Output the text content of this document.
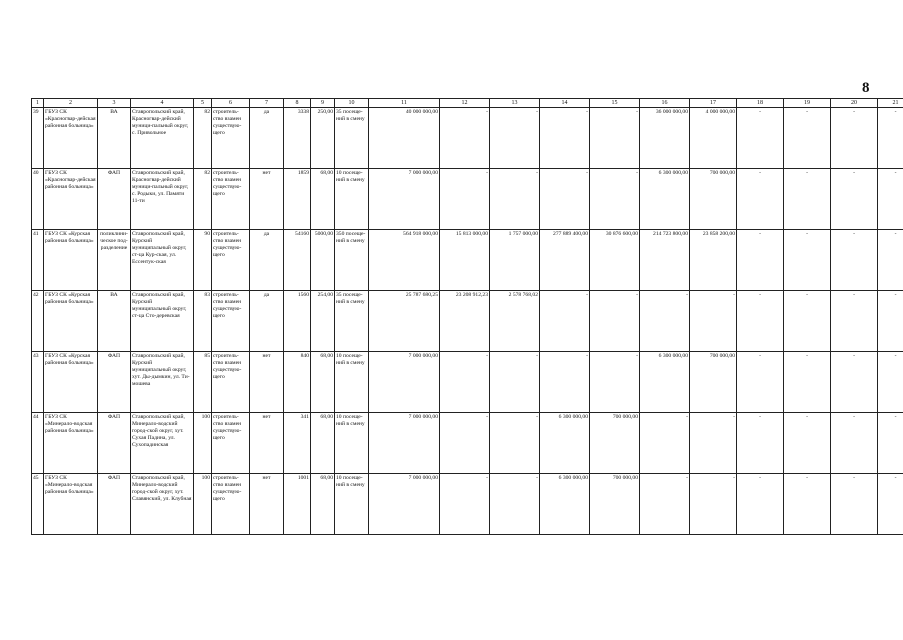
8
1	2	3	4	5	6	7	8	9	10	11	12	13	14	15	16	17	18	19	20	21
39	ГБУЗ СК «Красногвар-дейская районная больница»	ВА	Ставропольский край, Красногвар-дейский муници-пальный округ, с. Привольное	82	строитель-ство взамен существую-щего	да	3338	250,00	35 посеще-ний в смену	40 000 000,00	-	-	-	-	36 000 000,00	4 000 000,00	-	-	-	-
40	ГБУЗ СК «Красногвар-дейская районная больница»	ФАП	Ставропольский край, Красногвар-дейский муници-пальный округ, с. Родыки, ул. Памяти 11-ти	82	строитель-ство взамен существую-щего	нет	1859	68,00	10 посеще-ний в смену	7 000 000,00	-	-	-	-	6 300 000,00	700 000,00	-	-	-	-
41	ГБУЗ СК «Курская районная больница»	поликлини-ческое под-разделение	Ставропольский край, Курский муниципальный округ, ст-ца Кур-ская, ул. Ессентук-ская	90	строитель-ство взамен существую-щего	да	54160	5000,00	350 посеще-ний в смену	564 918 000,00	15 813 000,00	1 757 000,00	277 889 400,00	30 876 600,00	214 723 800,00	23 858 200,00	-	-	-	-
42	ГБУЗ СК «Курская районная больница»	ВА	Ставропольский край, Курский муниципальный округ, ст-ца Сто-деревская	83	строитель-ство взамен существую-щего	да	1560	254,00	35 посеще-ний в смену	25 787 680,25	23 208 912,23	2 578 768,02	-	-	-	-	-	-	-	-
43	ГБУЗ СК «Курская районная больница»	ФАП	Ставропольский край, Курский муниципальный округ, хут. Ды-дымкин, ул. Ти-мошева	85	строитель-ство взамен существую-щего	нет	840	68,00	10 посеще-ний в смену	7 000 000,00	-	-	-	-	6 300 000,00	700 000,00	-	-	-	-
44	ГБУЗ СК «Минерало-водская районная больница»	ФАП	Ставропольский край, Минерало-водский город-ской округ, хут. Сухая Падина, ул. Сухопадинская	100	строитель-ство взамен существую-щего	нет	341	68,00	10 посеще-ний в смену	7 000 000,00	-	-	6 300 000,00	700 000,00	-	-	-	-	-	-
45	ГБУЗ СК «Минерало-водская районная больница»	ФАП	Ставропольский край, Минерало-водский город-ской округ, хут. Славянский, ул. Клубная	100	строитель-ство взамен существую-щего	нет	1001	68,00	10 посеще-ний в смену	7 000 000,00	-	-	6 300 000,00	700 000,00	-	-	-	-	-	-
